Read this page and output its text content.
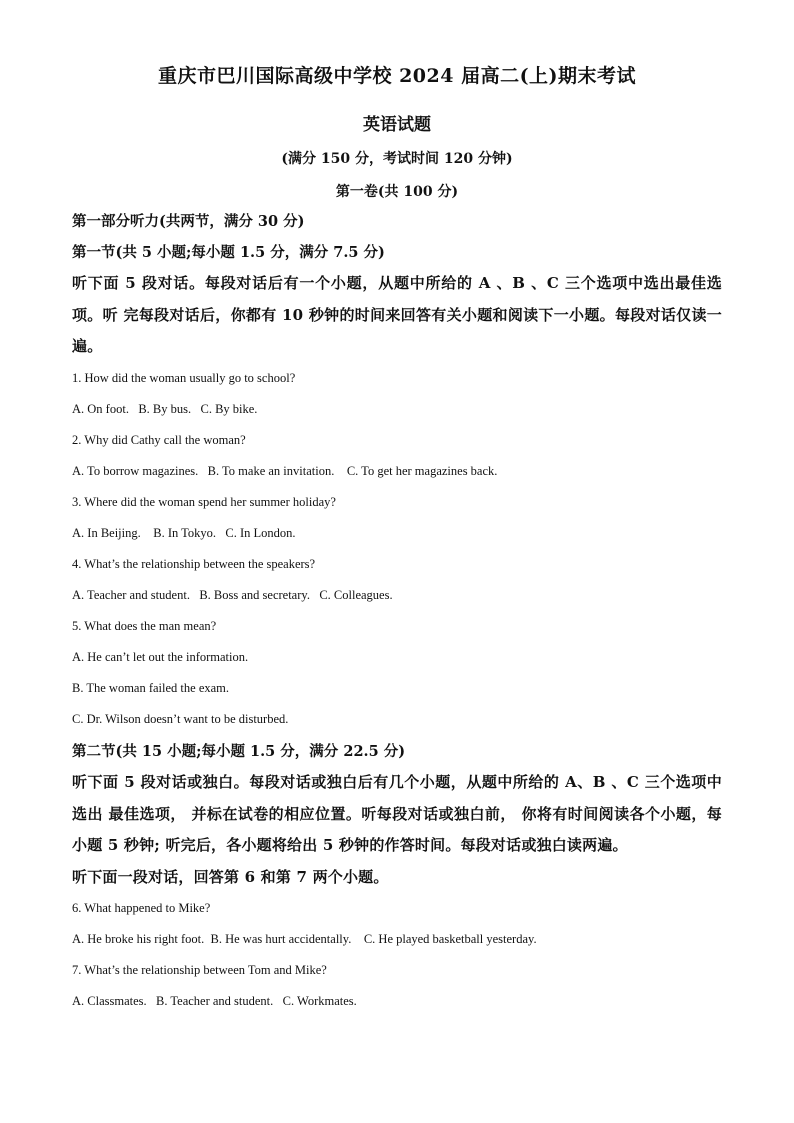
重庆市巴川国际高级中学校 2024 届高二(上)期末考试
英语试题
(满分 150 分，考试时间 120 分钟)
第一卷(共 100 分)

第一部分听力(共两节，满分 30 分)

第一节(共 5 小题;每小题 1.5 分，满分 7.5 分)

听下面 5 段对话。每段对话后有一个小题，从题中所给的 A 、B 、C 三个选项中选出最佳选项。听 完每段对话后，你都有 10 秒钟的时间来回答有关小题和阅读下一小题。每段对话仅读一遍。

1. How did the woman usually go to school?

A. On foot.   B. By bus.   C. By bike.

2. Why did Cathy call the woman?

A. To borrow magazines.   B. To make an invitation.    C. To get her magazines back.

3. Where did the woman spend her summer holiday?

A. In Beijing.    B. In Tokyo.   C. In London.

4. What’s the relationship between the speakers?

A. Teacher and student.   B. Boss and secretary.   C. Colleagues.

5. What does the man mean?

A. He can’t let out the information.

B. The woman failed the exam.

C. Dr. Wilson doesn’t want to be disturbed.

第二节(共 15 小题;每小题 1.5 分，满分 22.5 分)

听下面 5 段对话或独白。每段对话或独白后有几个小题，从题中所给的 A、B 、C 三个选项中选出 最佳选项， 并标在试卷的相应位置。听每段对话或独白前， 你将有时间阅读各个小题，每小题 5 秒钟; 听完后，各小题将给出 5 秒钟的作答时间。每段对话或独白读两遍。

听下面一段对话，回答第 6 和第 7 两个小题。

6. What happened to Mike?

A. He broke his right foot.  B. He was hurt accidentally.    C. He played basketball yesterday.

7. What’s the relationship between Tom and Mike?

A. Classmates.   B. Teacher and student.   C. Workmates.
